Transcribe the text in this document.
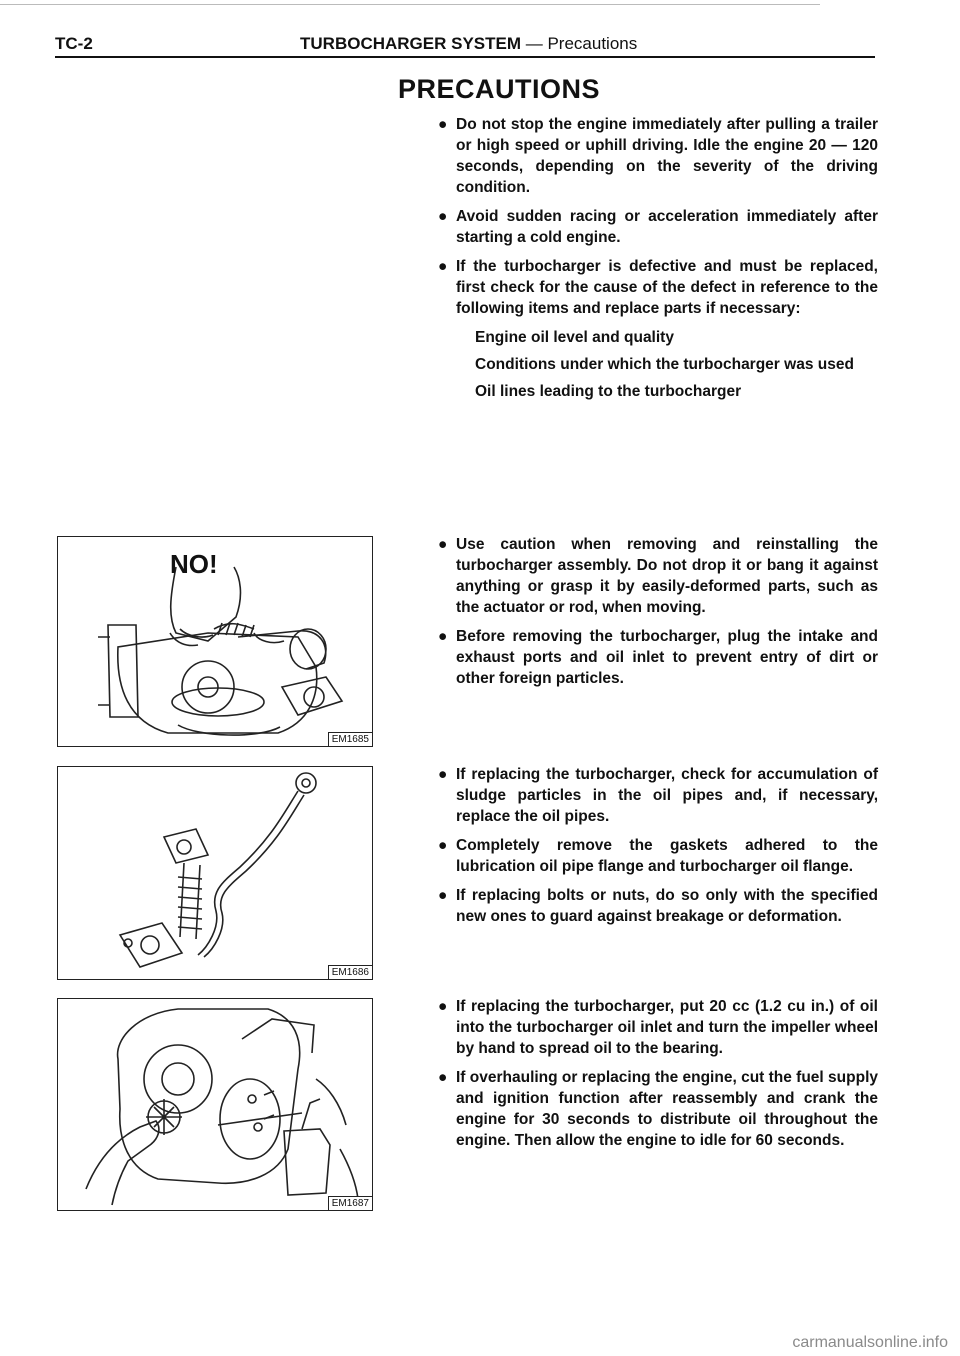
TC-2	TURBOCHARGER SYSTEM — Precautions
PRECAUTIONS
● Do not stop the engine immediately after pulling a trailer or high speed or uphill driving. Idle the engine 20 — 120 seconds, depending on the severity of the driving condition.
● Avoid sudden racing or acceleration immediately after starting a cold engine.
● If the turbocharger is defective and must be replaced, first check for the cause of the defect in reference to the following items and replace parts if necessary:
Engine oil level and quality
Conditions under which the turbocharger was used
Oil lines leading to the turbocharger
● Use caution when removing and reinstalling the turbocharger assembly. Do not drop it or bang it against anything or grasp it by easily-deformed parts, such as the actuator or rod, when moving.
● Before removing the turbocharger, plug the intake and exhaust ports and oil inlet to prevent entry of dirt or other foreign particles.
● If replacing the turbocharger, check for accumulation of sludge particles in the oil pipes and, if necessary, replace the oil pipes.
● Completely remove the gaskets adhered to the lubrication oil pipe flange and turbocharger oil flange.
● If replacing bolts or nuts, do so only with the specified new ones to guard against breakage or deformation.
● If replacing the turbocharger, put 20 cc (1.2 cu in.) of oil into the turbocharger oil inlet and turn the impeller wheel by hand to spread oil to the bearing.
● If overhauling or replacing the engine, cut the fuel supply and ignition function after reassembly and crank the engine for 30 seconds to distribute oil throughout the engine. Then allow the engine to idle for 60 seconds.
NO!
EM1685
EM1686
EM1687
carmanualsonline.info
